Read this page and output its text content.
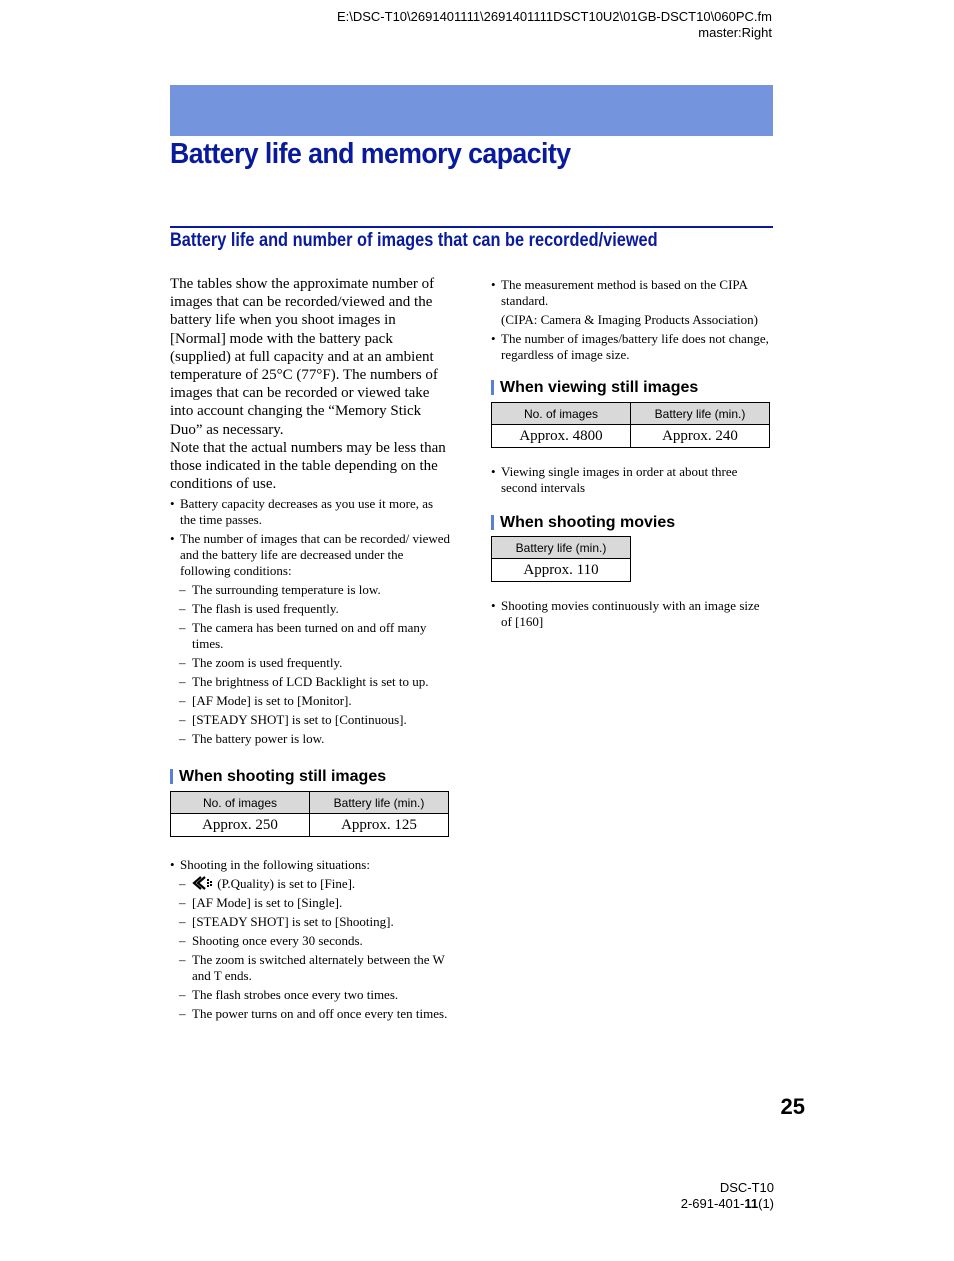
E:\DSC-T10\2691401111\2691401111DSCT10U2\01GB-DSCT10\060PC.fm
master:Right
Battery life and memory capacity
Battery life and number of images that can be recorded/viewed

The tables show the approximate number of images that can be recorded/viewed and the battery life when you shoot images in [Normal] mode with the battery pack (supplied) at full capacity and at an ambient temperature of 25°C (77°F). The numbers of images that can be recorded or viewed take into account changing the “Memory Stick Duo” as necessary.

Note that the actual numbers may be less than those indicated in the table depending on the conditions of use.

• Battery capacity decreases as you use it more, as the time passes.
• The number of images that can be recorded/ viewed and the battery life are decreased under the following conditions:
– The surrounding temperature is low.
– The flash is used frequently.
– The camera has been turned on and off many times.
– The zoom is used frequently.
– The brightness of LCD Backlight is set to up.
– [AF Mode] is set to [Monitor].
– [STEADY SHOT] is set to [Continuous].
– The battery power is low.
When shooting still images
No. of images	Battery life (min.)
Approx. 250	Approx. 125
• Shooting in the following situations:
– (P.Quality) is set to [Fine].
– [AF Mode] is set to [Single].
– [STEADY SHOT] is set to [Shooting].
– Shooting once every 30 seconds.
– The zoom is switched alternately between the W and T ends.
– The flash strobes once every two times.
– The power turns on and off once every ten times.
• The measurement method is based on the CIPA standard.
(CIPA: Camera & Imaging Products Association)
• The number of images/battery life does not change, regardless of image size.
When viewing still images
No. of images	Battery life (min.)
Approx. 4800	Approx. 240
• Viewing single images in order at about three second intervals
When shooting movies
Battery life (min.)
Approx. 110
• Shooting movies continuously with an image size of [160]
25
DSC-T10
2-691-401-11(1)
